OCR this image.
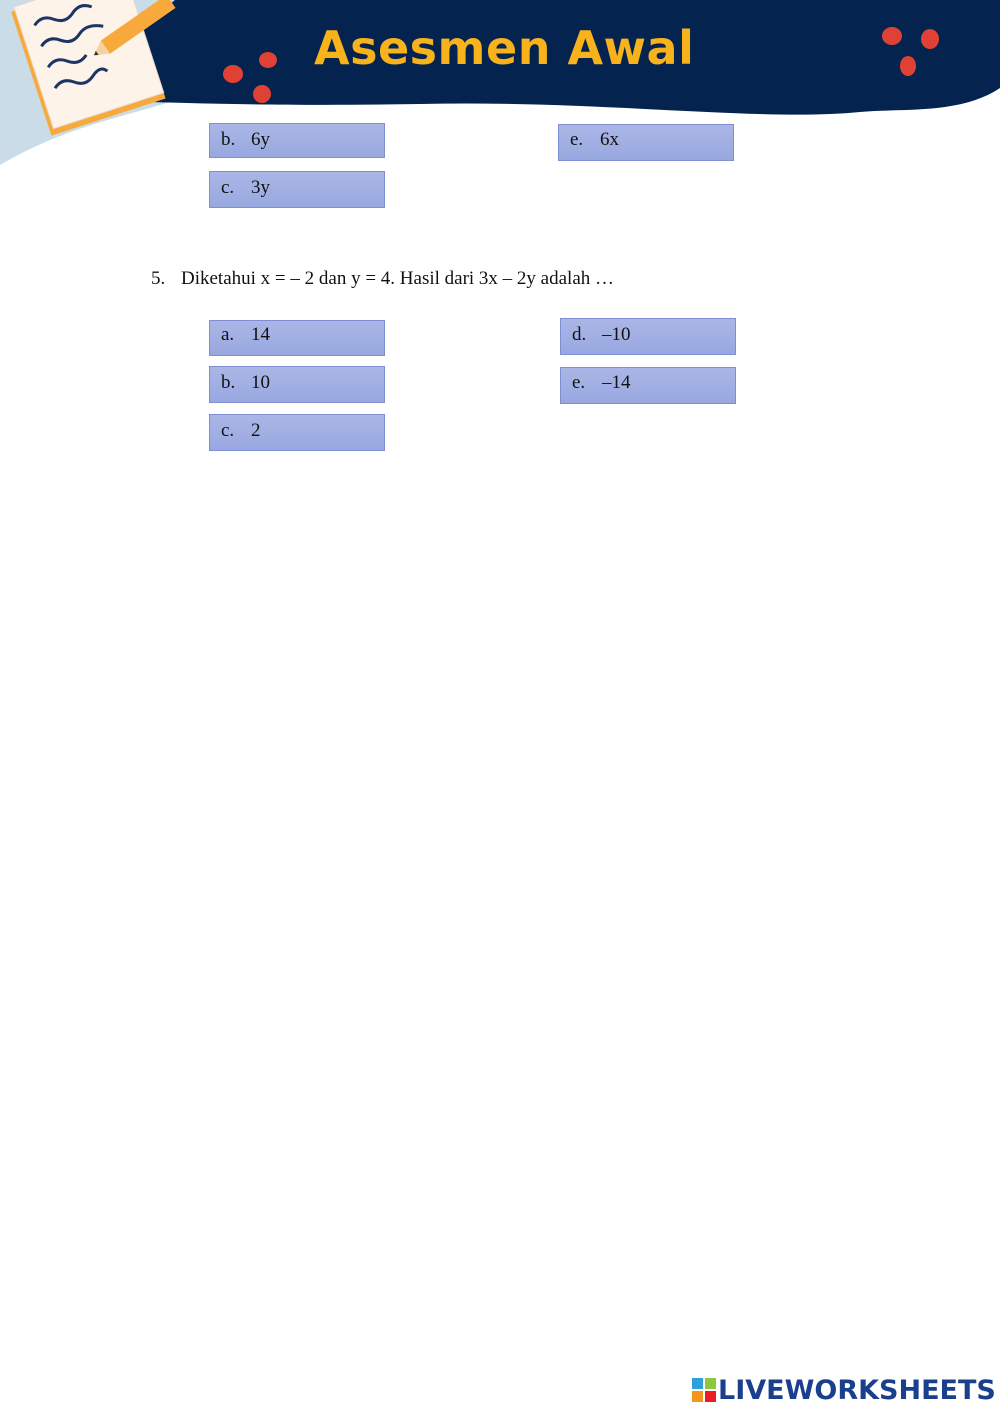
Asesmen Awal
b. 6y
c. 3y
e. 6x
5. Diketahui x = – 2 dan y = 4. Hasil dari 3x – 2y adalah …
a. 14
b. 10
c. 2
d. –10
e. –14
LIVEWORKSHEETS
